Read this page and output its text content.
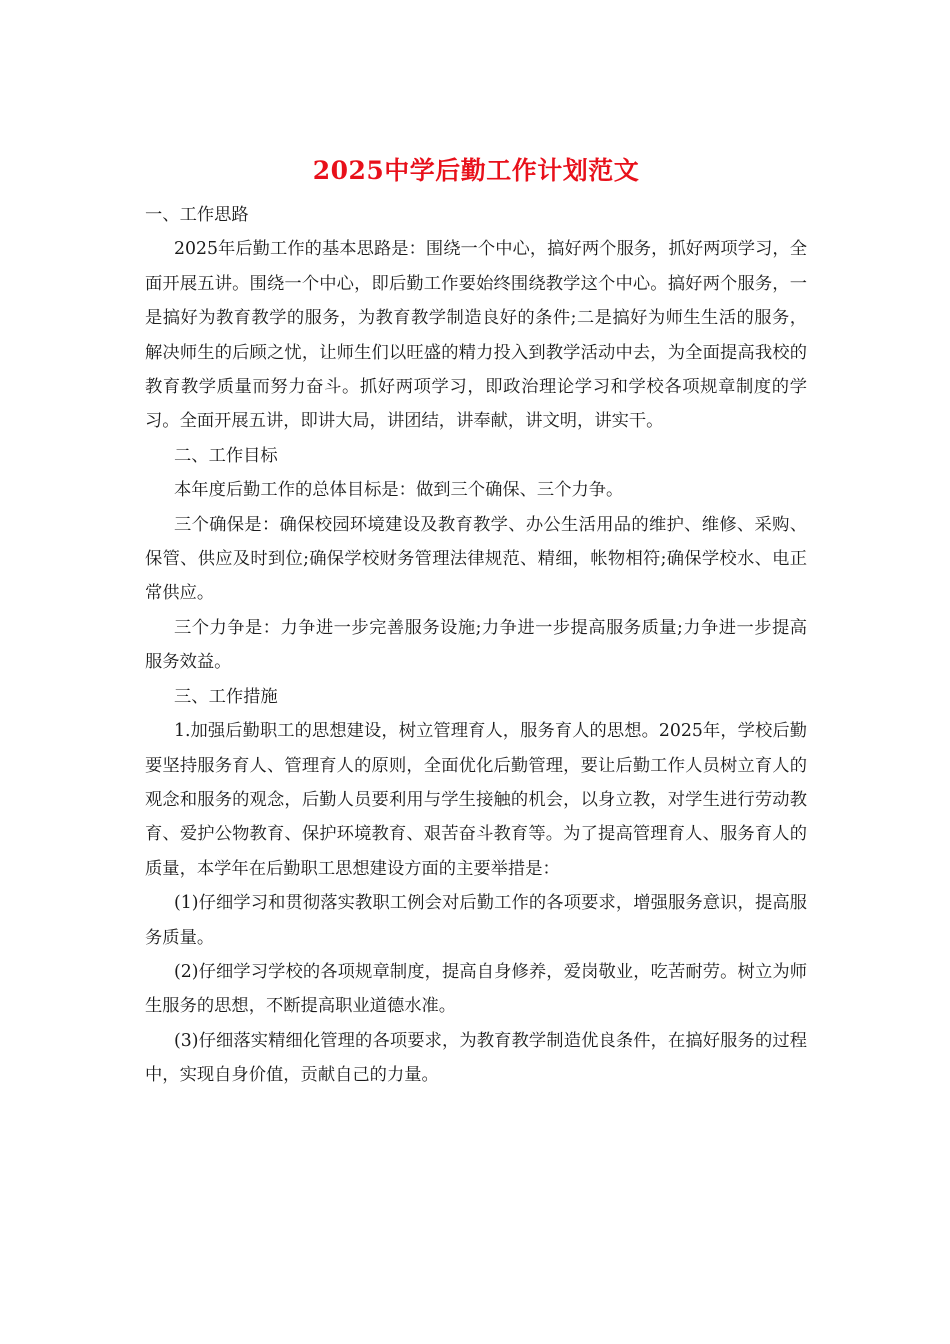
2025中学后勤工作计划范文

一、工作思路

2025年后勤工作的基本思路是：围绕一个中心，搞好两个服务，抓好两项学习，全面开展五讲。围绕一个中心，即后勤工作要始终围绕教学这个中心。搞好两个服务，一是搞好为教育教学的服务，为教育教学制造良好的条件;二是搞好为师生生活的服务，解决师生的后顾之忧，让师生们以旺盛的精力投入到教学活动中去，为全面提高我校的教育教学质量而努力奋斗。抓好两项学习，即政治理论学习和学校各项规章制度的学习。全面开展五讲，即讲大局，讲团结，讲奉献，讲文明，讲实干。

二、工作目标

本年度后勤工作的总体目标是：做到三个确保、三个力争。

三个确保是：确保校园环境建设及教育教学、办公生活用品的维护、维修、采购、保管、供应及时到位;确保学校财务管理法律规范、精细，帐物相符;确保学校水、电正常供应。

三个力争是：力争进一步完善服务设施;力争进一步提高服务质量;力争进一步提高服务效益。

三、工作措施

1.加强后勤职工的思想建设，树立管理育人，服务育人的思想。2025年，学校后勤要坚持服务育人、管理育人的原则，全面优化后勤管理，要让后勤工作人员树立育人的观念和服务的观念，后勤人员要利用与学生接触的机会，以身立教，对学生进行劳动教育、爱护公物教育、保护环境教育、艰苦奋斗教育等。为了提高管理育人、服务育人的质量，本学年在后勤职工思想建设方面的主要举措是：

(1)仔细学习和贯彻落实教职工例会对后勤工作的各项要求，增强服务意识，提高服务质量。

(2)仔细学习学校的各项规章制度，提高自身修养，爱岗敬业，吃苦耐劳。树立为师生服务的思想，不断提高职业道德水准。

(3)仔细落实精细化管理的各项要求，为教育教学制造优良条件，在搞好服务的过程中，实现自身价值，贡献自己的力量。
